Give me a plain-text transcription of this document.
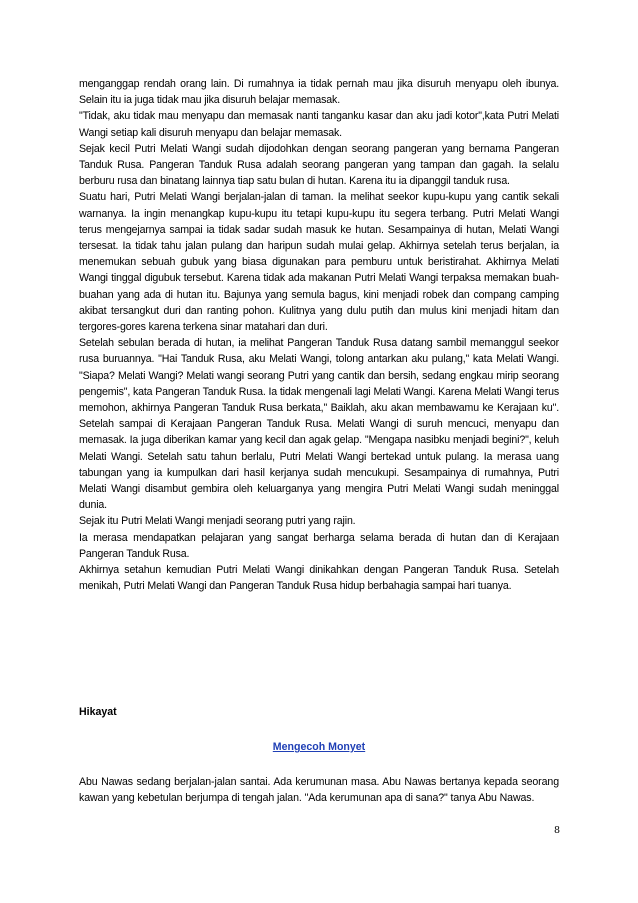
menganggap rendah orang lain. Di rumahnya ia tidak pernah mau jika disuruh menyapu oleh ibunya. Selain itu ia juga tidak mau jika disuruh belajar memasak.

"Tidak, aku tidak mau menyapu dan memasak nanti tanganku kasar dan aku jadi kotor",kata Putri Melati Wangi setiap kali disuruh menyapu dan belajar memasak.

Sejak kecil Putri Melati Wangi sudah dijodohkan dengan seorang pangeran yang bernama Pangeran Tanduk Rusa. Pangeran Tanduk Rusa adalah seorang pangeran yang tampan dan gagah. Ia selalu berburu rusa dan binatang lainnya tiap satu bulan di hutan. Karena itu ia dipanggil tanduk rusa.

Suatu hari, Putri Melati Wangi berjalan-jalan di taman. Ia melihat seekor kupu-kupu yang cantik sekali warnanya. Ia ingin menangkap kupu-kupu itu tetapi kupu-kupu itu segera terbang. Putri Melati Wangi terus mengejarnya sampai ia tidak sadar sudah masuk ke hutan. Sesampainya di hutan, Melati Wangi tersesat. Ia tidak tahu jalan pulang dan haripun sudah mulai gelap. Akhirnya setelah terus berjalan, ia menemukan sebuah gubuk yang biasa digunakan para pemburu untuk beristirahat. Akhirnya Melati Wangi tinggal digubuk tersebut. Karena tidak ada makanan Putri Melati Wangi terpaksa memakan buah-buahan yang ada di hutan itu. Bajunya yang semula bagus, kini menjadi robek dan compang camping akibat tersangkut duri dan ranting pohon. Kulitnya yang dulu putih dan mulus kini menjadi hitam dan tergores-gores karena terkena sinar matahari dan duri.

Setelah sebulan berada di hutan, ia melihat Pangeran Tanduk Rusa datang sambil memanggul seekor rusa buruannya. "Hai Tanduk Rusa, aku Melati Wangi, tolong antarkan aku pulang," kata Melati Wangi. "Siapa? Melati Wangi? Melati wangi seorang Putri yang cantik dan bersih, sedang engkau mirip seorang pengemis", kata Pangeran Tanduk Rusa. Ia tidak mengenali lagi Melati Wangi. Karena Melati Wangi terus memohon, akhirnya Pangeran Tanduk Rusa berkata," Baiklah, aku akan membawamu ke Kerajaan ku". Setelah sampai di Kerajaan Pangeran Tanduk Rusa. Melati Wangi di suruh mencuci, menyapu dan memasak. Ia juga diberikan kamar yang kecil dan agak gelap. "Mengapa nasibku menjadi begini?", keluh Melati Wangi. Setelah satu tahun berlalu, Putri Melati Wangi bertekad untuk pulang. Ia merasa uang tabungan yang ia kumpulkan dari hasil kerjanya sudah mencukupi. Sesampainya di rumahnya, Putri Melati Wangi disambut gembira oleh keluarganya yang mengira Putri Melati Wangi sudah meninggal dunia.

Sejak itu Putri Melati Wangi menjadi seorang putri yang rajin.

Ia merasa mendapatkan pelajaran yang sangat berharga selama berada di hutan dan di Kerajaan Pangeran Tanduk Rusa.

Akhirnya setahun kemudian Putri Melati Wangi dinikahkan dengan Pangeran Tanduk Rusa. Setelah menikah, Putri Melati Wangi dan Pangeran Tanduk Rusa hidup berbahagia sampai hari tuanya.

Hikayat

Mengecoh Monyet

Abu Nawas sedang berjalan-jalan santai. Ada kerumunan masa. Abu Nawas bertanya kepada seorang kawan yang kebetulan berjumpa di tengah jalan. "Ada kerumunan apa di sana?" tanya Abu Nawas.

8
